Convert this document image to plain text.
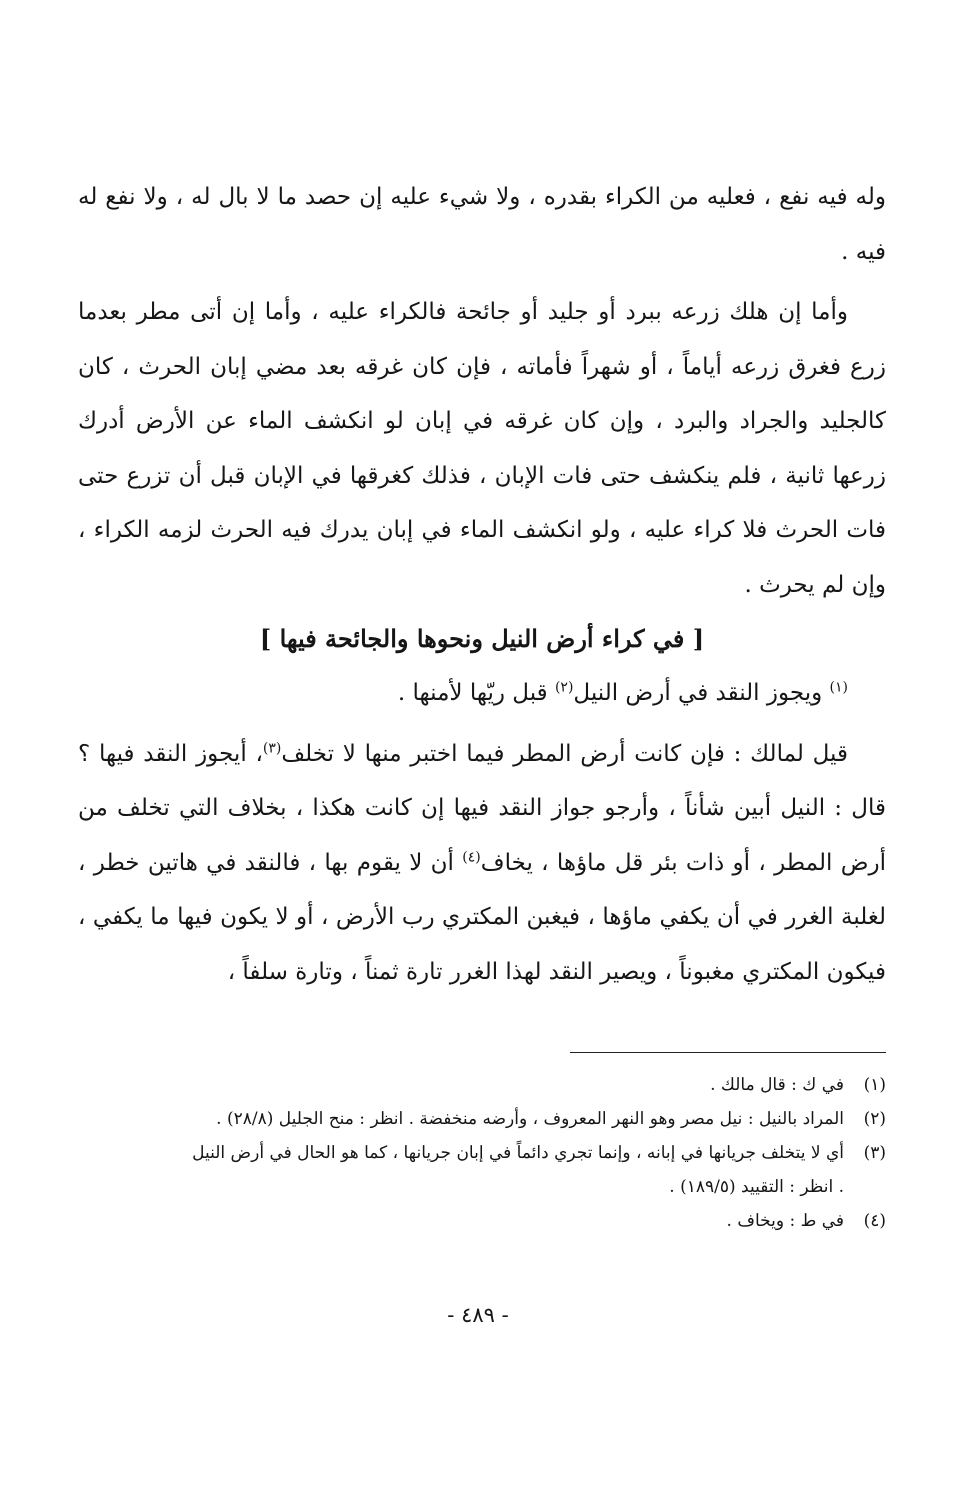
وله فيه نفع ، فعليه من الكراء بقدره ، ولا شيء عليه إن حصد ما لا بال له ، ولا نفع له فيه .

وأما إن هلك زرعه ببرد أو جليد أو جائحة فالكراء عليه ، وأما إن أتى مطر بعدما زرع فغرق زرعه أياماً ، أو شهراً فأماته ، فإن كان غرقه بعد مضي إبان الحرث ، كان كالجليد والجراد والبرد ، وإن كان غرقه في إبان لو انكشف الماء عن الأرض أدرك زرعها ثانية ، فلم ينكشف حتى فات الإبان ، فذلك كغرقها في الإبان قبل أن تزرع حتى فات الحرث فلا كراء عليه ، ولو انكشف الماء في إبان يدرك فيه الحرث لزمه الكراء ، وإن لم يحرث .

[ في كراء أرض النيل ونحوها والجائحة فيها ]

$^{(١)}$ ويجوز النقد في أرض النيل$^{(٢)}$ قبل ريّها لأمنها .

قيل لمالك : فإن كانت أرض المطر فيما اختبر منها لا تخلف$^{(٣)}$، أيجوز النقد فيها ؟ قال : النيل أبين شأناً ، وأرجو جواز النقد فيها إن كانت هكذا ، بخلاف التي تخلف من أرض المطر ، أو ذات بئر قل ماؤها ، يخاف$^{(٤)}$ أن لا يقوم بها ، فالنقد في هاتين خطر ، لغلبة الغرر في أن يكفي ماؤها ، فيغبن المكتري رب الأرض ، أو لا يكون فيها ما يكفي ، فيكون المكتري مغبوناً ، ويصير النقد لهذا الغرر تارة ثمناً ، وتارة سلفاً ،

(١)في ك : قال مالك .

(٢)المراد بالنيل : نيل مصر وهو النهر المعروف ، وأرضه منخفضة . انظر : منح الجليل (٢٨/٨) .

(٣)أي لا يتخلف جريانها في إبانه ، وإنما تجري دائماً في إبان جريانها ، كما هو الحال في أرض النيل

. انظر : التقييد (١٨٩/٥) .

(٤)في ط : ويخاف .

- ٤٨٩ -
